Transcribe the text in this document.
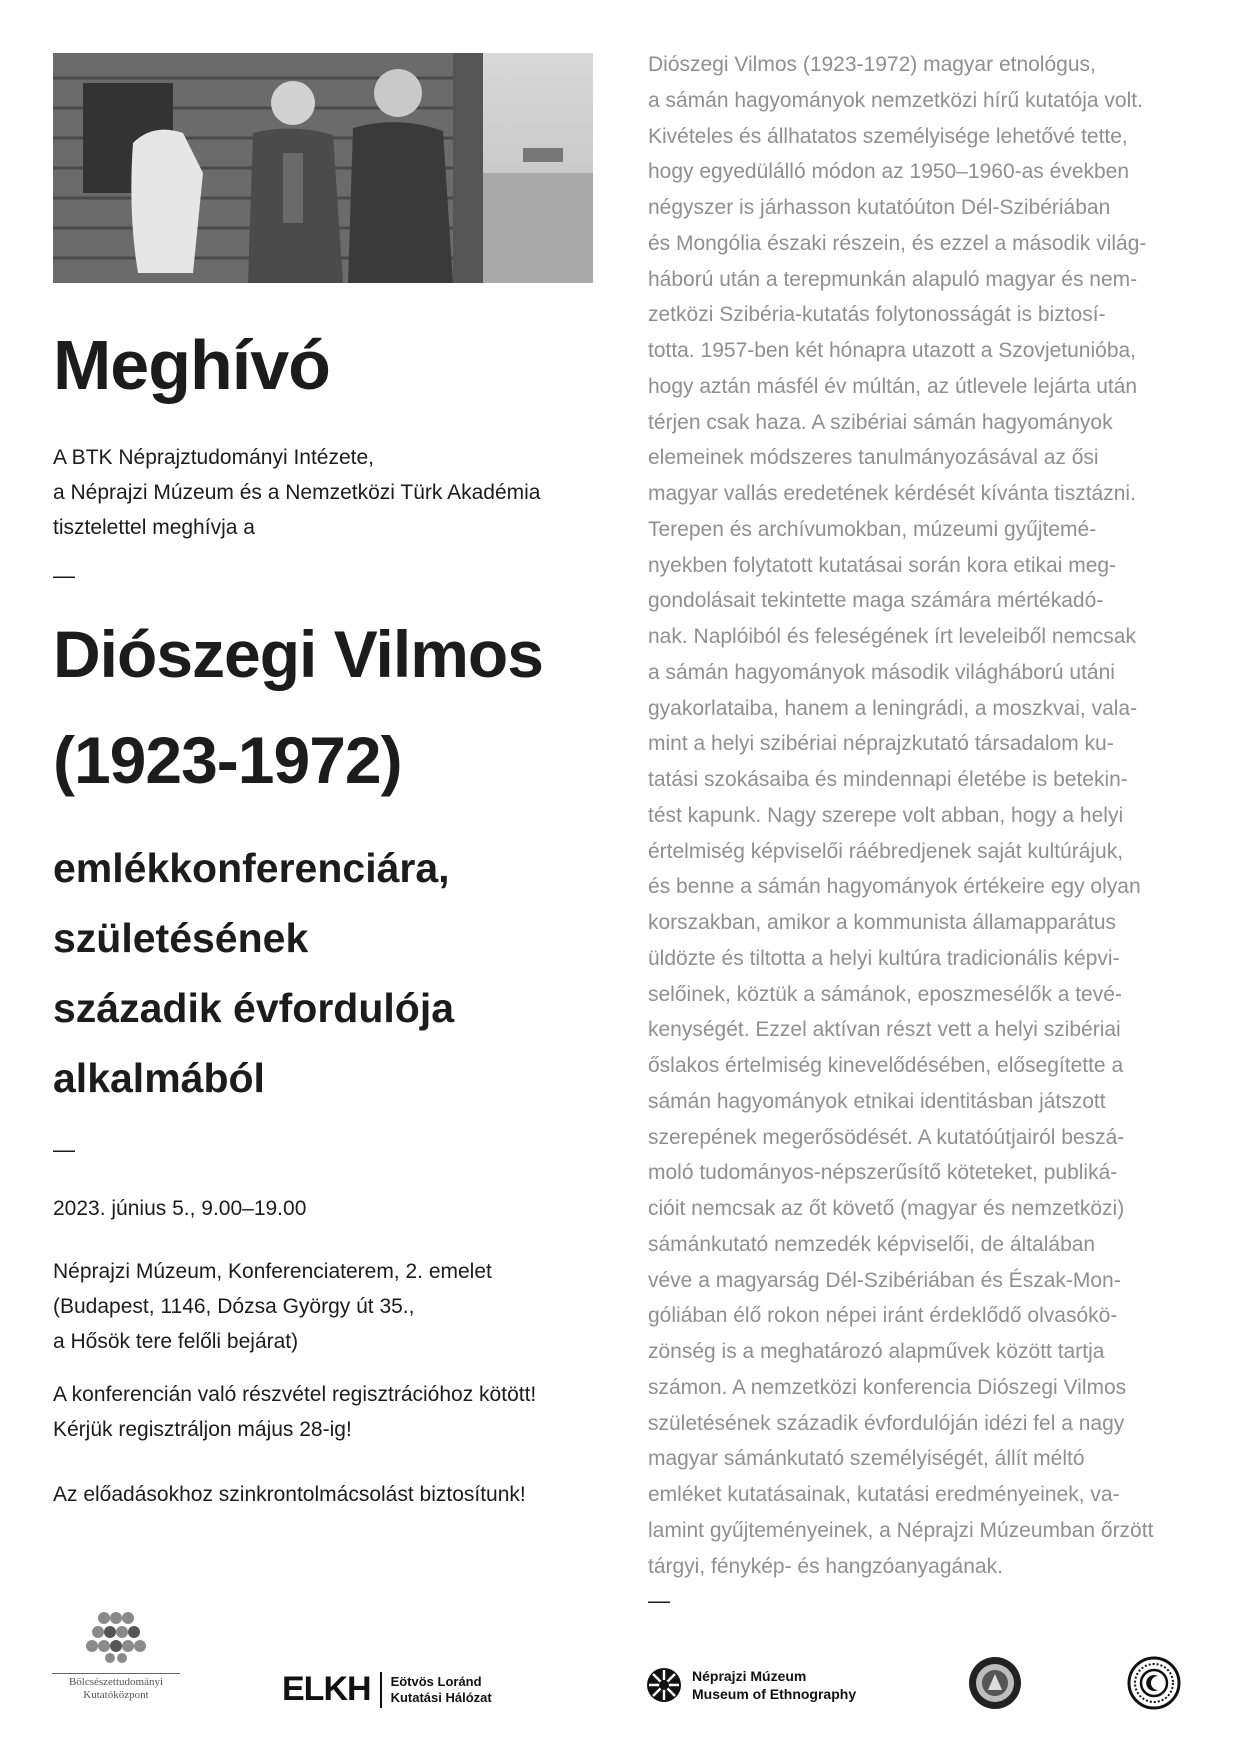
Meghívó
A BTK Néprajztudományi Intézete,
a Néprajzi Múzeum és a Nemzetközi Türk Akadémia
tisztelettel meghívja a
—
Diószegi Vilmos
(1923-1972)
emlékkonferenciára,
születésének
századik évfordulója
alkalmából
—
2023. június 5., 9.00–19.00
Néprajzi Múzeum, Konferenciaterem, 2. emelet
(Budapest, 1146, Dózsa György út 35.,
a Hősök tere felőli bejárat)
A konferencián való részvétel regisztrációhoz kötött!
Kérjük regisztráljon május 28-ig!
Az előadásokhoz szinkrontolmácsolást biztosítunk!

Diószegi Vilmos (1923-1972) magyar etnológus,

a sámán hagyományok nemzetközi hírű kutatója volt.

Kivételes és állhatatos személyisége lehetővé tette,

hogy egyedülálló módon az 1950–1960-as években

négyszer is járhasson kutatóúton Dél-Szibériában

és Mongólia északi részein, és ezzel a második világ-

háború után a terepmunkán alapuló magyar és nem-

zetközi Szibéria-kutatás folytonosságát is biztosí-

totta. 1957-ben két hónapra utazott a Szovjetunióba,

hogy aztán másfél év múltán, az útlevele lejárta után

térjen csak haza. A szibériai sámán hagyományok

elemeinek módszeres tanulmányozásával az ősi

magyar vallás eredetének kérdését kívánta tisztázni.

Terepen és archívumokban, múzeumi gyűjtemé-

nyekben folytatott kutatásai során kora etikai meg-

gondolásait tekintette maga számára mértékadó-

nak. Naplóiból és feleségének írt leveleiből nemcsak

a sámán hagyományok második világháború utáni

gyakorlataiba, hanem a leningrádi, a moszkvai, vala-

mint a helyi szibériai néprajzkutató társadalom ku-

tatási szokásaiba és mindennapi életébe is betekin-

tést kapunk. Nagy szerepe volt abban, hogy a helyi

értelmiség képviselői ráébredjenek saját kultúrájuk,

és benne a sámán hagyományok értékeire egy olyan

korszakban, amikor a kommunista államapparátus

üldözte és tiltotta a helyi kultúra tradicionális képvi-

selőinek, köztük a sámánok, eposzmesélők a tevé-

kenységét. Ezzel aktívan részt vett a helyi szibériai

őslakos értelmiség kinevelődésében, elősegítette a

sámán hagyományok etnikai identitásban játszott

szerepének megerősödését. A kutatóútjairól beszá-

moló tudományos-népszerűsítő köteteket, publiká-

cióit nemcsak az őt követő (magyar és nemzetközi)

sámánkutató nemzedék képviselői, de általában

véve a magyarság Dél-Szibériában és Észak-Mon-

góliában élő rokon népei iránt érdeklődő olvasókö-

zönség is a meghatározó alapművek között tartja

számon. A nemzetközi konferencia Diószegi Vilmos

születésének századik évfordulóján idézi fel a nagy

magyar sámánkutató személyiségét, állít méltó

emléket kutatásainak, kutatási eredményeinek, va-

lamint gyűjteményeinek, a Néprajzi Múzeumban őrzött

tárgyi, fénykép- és hangzóanyagának.

—
Bölcsészettudományi
Kutatóközpont	ELKH Eötvös Loránd
Kutatási Hálózat
Néprajzi Múzeum
Museum of Ethnography
